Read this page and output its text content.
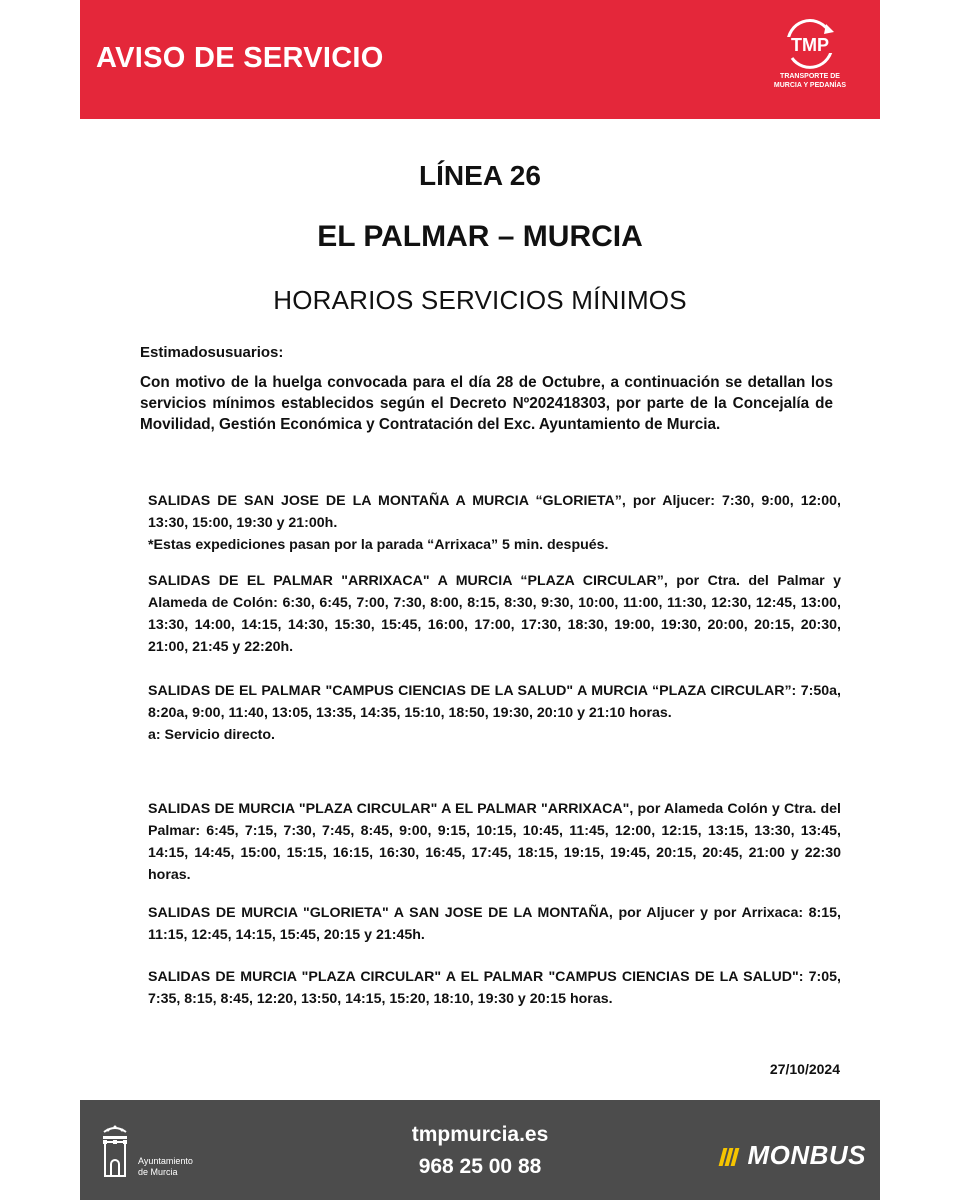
AVISO DE SERVICIO	TMP
TRANSPORTE DE
MURCIA Y PEDANÍAS
LÍNEA 26
EL PALMAR – MURCIA
HORARIOS SERVICIOS MÍNIMOS
Estimadosusuarios:
Con motivo de la huelga convocada para el día 28 de Octubre, a continuación se detallan los servicios mínimos establecidos según el Decreto Nº202418303, por parte de la Concejalía de Movilidad, Gestión Económica y Contratación del Exc. Ayuntamiento de Murcia.
SALIDAS DE SAN JOSE DE LA MONTAÑA A MURCIA “GLORIETA”, por Aljucer: 7:30, 9:00, 12:00, 13:30, 15:00, 19:30 y 21:00h.
*Estas expediciones pasan por la parada “Arrixaca” 5 min. después.
SALIDAS DE EL PALMAR "ARRIXACA" A MURCIA “PLAZA CIRCULAR”, por Ctra. del Palmar y Alameda de Colón: 6:30, 6:45, 7:00, 7:30, 8:00, 8:15, 8:30, 9:30, 10:00, 11:00, 11:30, 12:30, 12:45, 13:00, 13:30, 14:00, 14:15, 14:30, 15:30, 15:45, 16:00, 17:00, 17:30, 18:30, 19:00, 19:30, 20:00, 20:15, 20:30, 21:00, 21:45 y 22:20h.
SALIDAS DE EL PALMAR "CAMPUS CIENCIAS DE LA SALUD" A MURCIA “PLAZA CIRCULAR”: 7:50a, 8:20a, 9:00, 11:40, 13:05, 13:35, 14:35, 15:10, 18:50, 19:30, 20:10 y 21:10 horas.
a: Servicio directo.
SALIDAS DE MURCIA "PLAZA CIRCULAR" A EL PALMAR "ARRIXACA", por Alameda Colón y Ctra. del Palmar: 6:45, 7:15, 7:30, 7:45, 8:45, 9:00, 9:15, 10:15, 10:45, 11:45, 12:00, 12:15, 13:15, 13:30, 13:45, 14:15, 14:45, 15:00, 15:15, 16:15, 16:30, 16:45, 17:45, 18:15, 19:15, 19:45, 20:15, 20:45, 21:00 y 22:30 horas.
SALIDAS DE MURCIA "GLORIETA" A SAN JOSE DE LA MONTAÑA, por Aljucer y por Arrixaca: 8:15, 11:15, 12:45, 14:15, 15:45, 20:15 y 21:45h.
SALIDAS DE MURCIA "PLAZA CIRCULAR" A EL PALMAR "CAMPUS CIENCIAS DE LA SALUD": 7:05, 7:35, 8:15, 8:45, 12:20, 13:50, 14:15, 15:20, 18:10, 19:30 y 20:15 horas.
27/10/2024
Ayuntamiento
de Murcia
tmpmurcia.es
968 25 00 88	MONBUS
